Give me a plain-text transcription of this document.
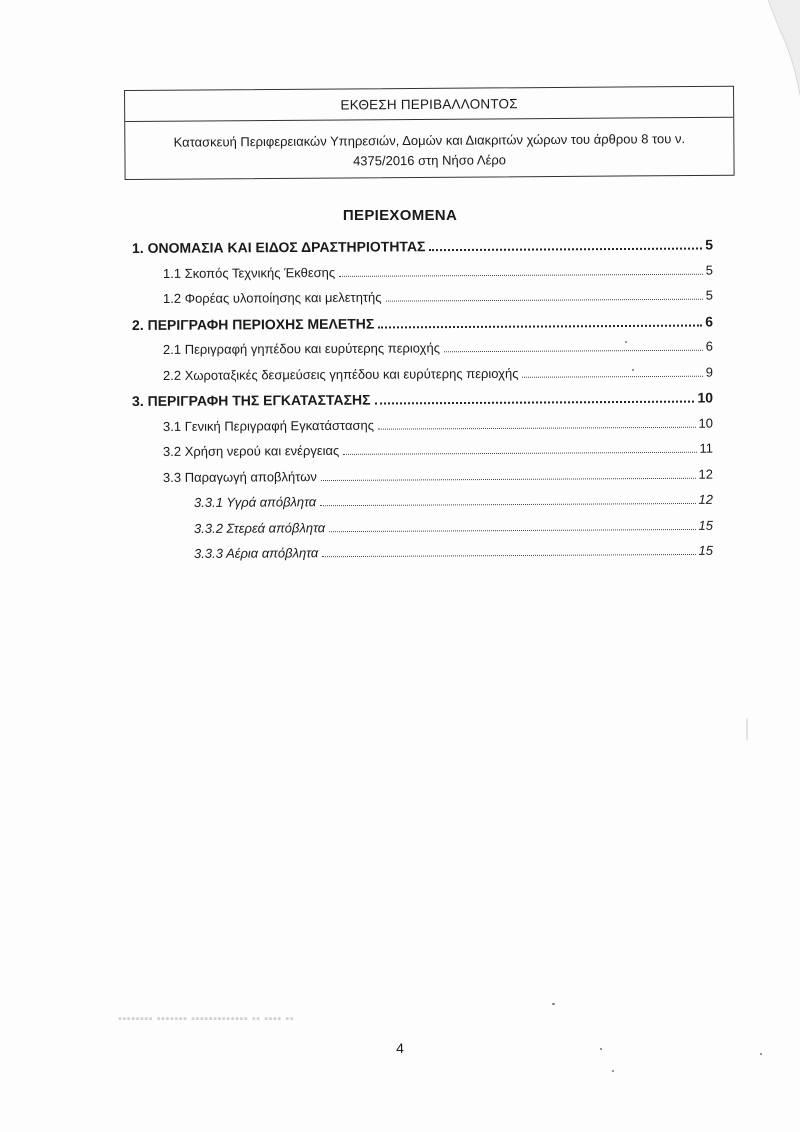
ΕΚΘΕΣΗ ΠΕΡΙΒΑΛΛΟΝΤΟΣ
Κατασκευή Περιφερειακών Υπηρεσιών, Δομών και Διακριτών χώρων του άρθρου 8 του ν. 4375/2016 στη Νήσο Λέρο
ΠΕΡΙΕΧΟΜΕΝΑ
1. ΟΝΟΜΑΣΙΑ ΚΑΙ ΕΙΔΟΣ ΔΡΑΣΤΗΡΙΟΤΗΤΑΣ	5
1.1 Σκοπός Τεχνικής Έκθεσης	5
1.2 Φορέας υλοποίησης και μελετητής	5
2. ΠΕΡΙΓΡΑΦΗ ΠΕΡΙΟΧΗΣ ΜΕΛΕΤΗΣ	6
2.1 Περιγραφή γηπέδου και ευρύτερης περιοχής	6
2.2 Χωροταξικές δεσμεύσεις γηπέδου και ευρύτερης περιοχής	9
3. ΠΕΡΙΓΡΑΦΗ ΤΗΣ ΕΓΚΑΤΑΣΤΑΣΗΣ	10
3.1 Γενική Περιγραφή Εγκατάστασης	10
3.2 Χρήση νερού και ενέργειας	11
3.3 Παραγωγή αποβλήτων	12
3.3.1 Υγρά απόβλητα	12
3.3.2 Στερεά απόβλητα	15
3.3.3 Αέρια απόβλητα	15
▪▪▪▪▪▪▪▪ ▪▪▪▪▪▪▪ ▪▪▪▪▪▪▪▪▪▪▪▪▪ ▪▪ ▪▪▪▪ ▪▪
4
